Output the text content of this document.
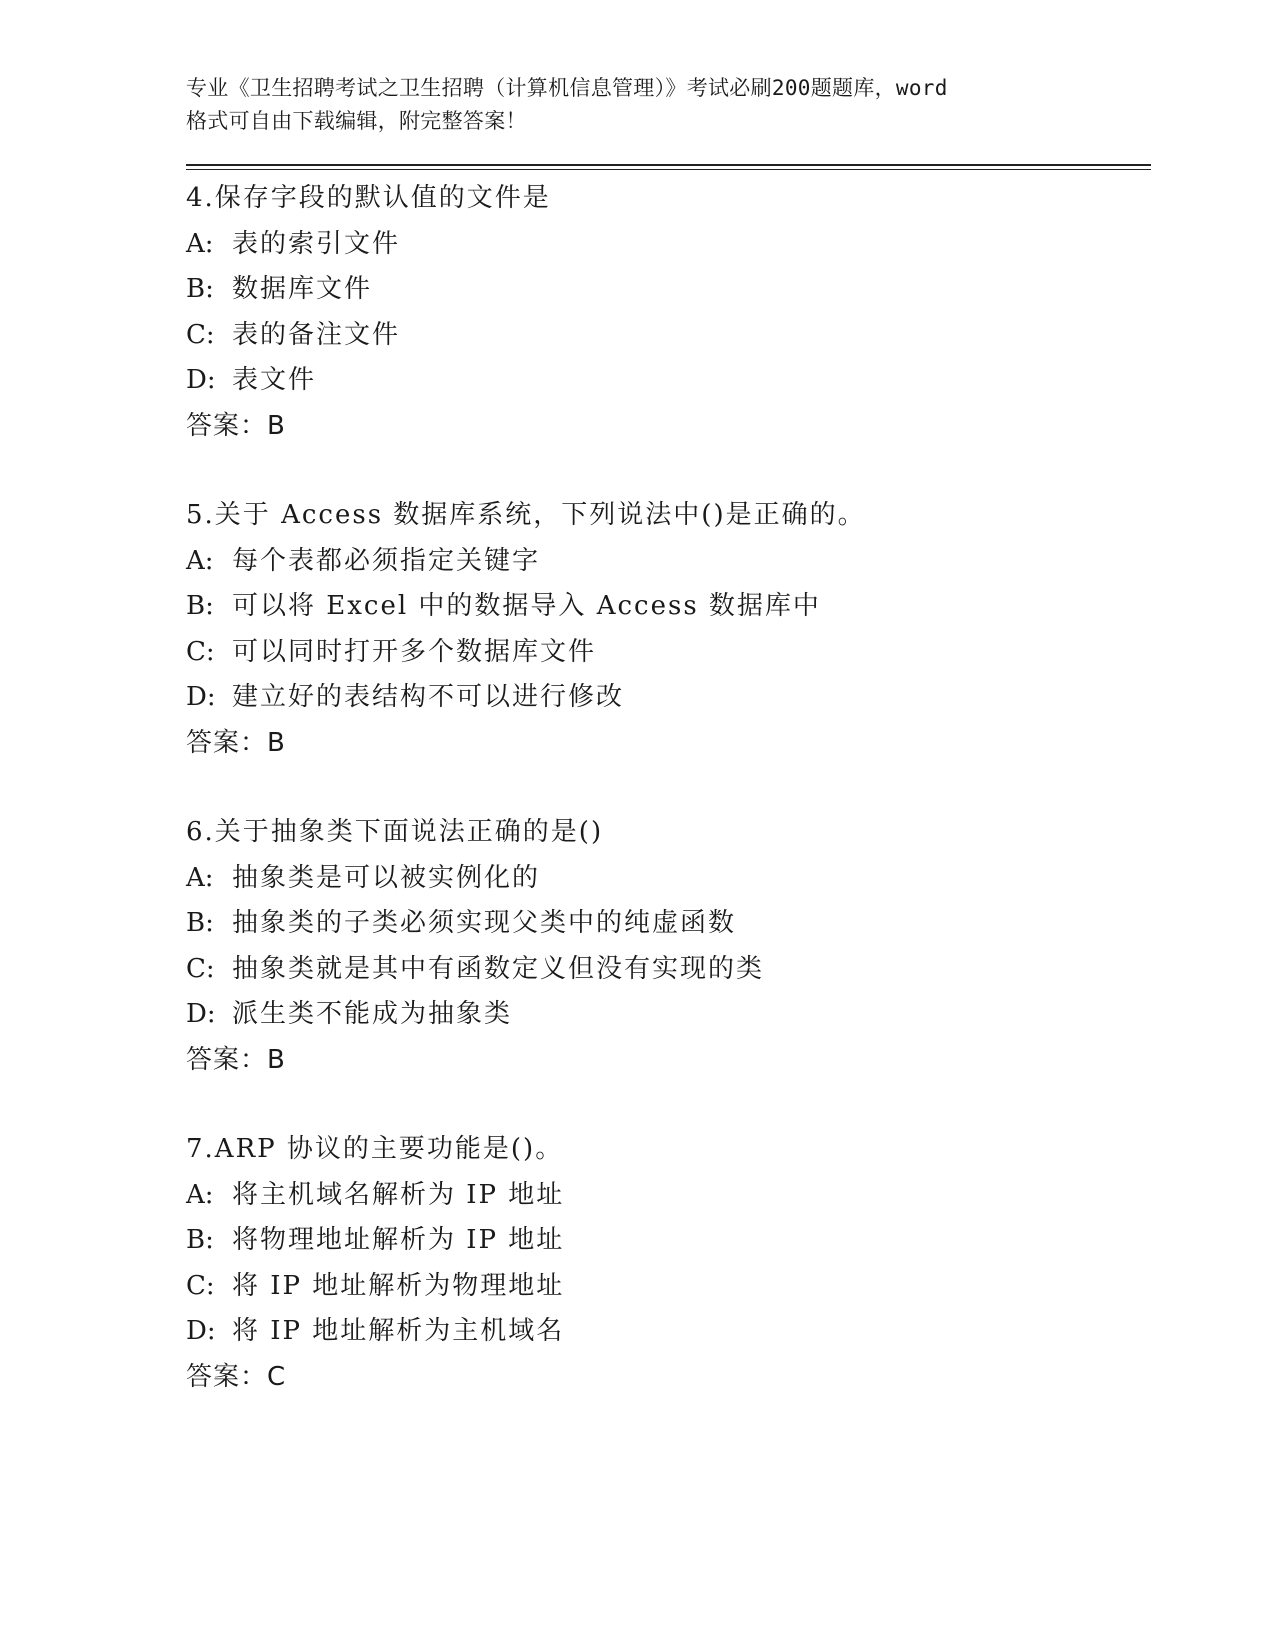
专业《卫生招聘考试之卫生招聘（计算机信息管理）》考试必刷200题题库，word

格式可自由下载编辑，附完整答案！

4.保存字段的默认值的文件是
A: 表的索引文件
B: 数据库文件
C: 表的备注文件
D: 表文件
答案：B
5.关于 Access 数据库系统，下列说法中()是正确的。
A: 每个表都必须指定关键字
B: 可以将 Excel 中的数据导入 Access 数据库中
C: 可以同时打开多个数据库文件
D: 建立好的表结构不可以进行修改
答案：B
6.关于抽象类下面说法正确的是()
A: 抽象类是可以被实例化的
B: 抽象类的子类必须实现父类中的纯虚函数
C: 抽象类就是其中有函数定义但没有实现的类
D: 派生类不能成为抽象类
答案：B
7.ARP 协议的主要功能是()。
A: 将主机域名解析为 IP 地址
B: 将物理地址解析为 IP 地址
C: 将 IP 地址解析为物理地址
D: 将 IP 地址解析为主机域名
答案：C
